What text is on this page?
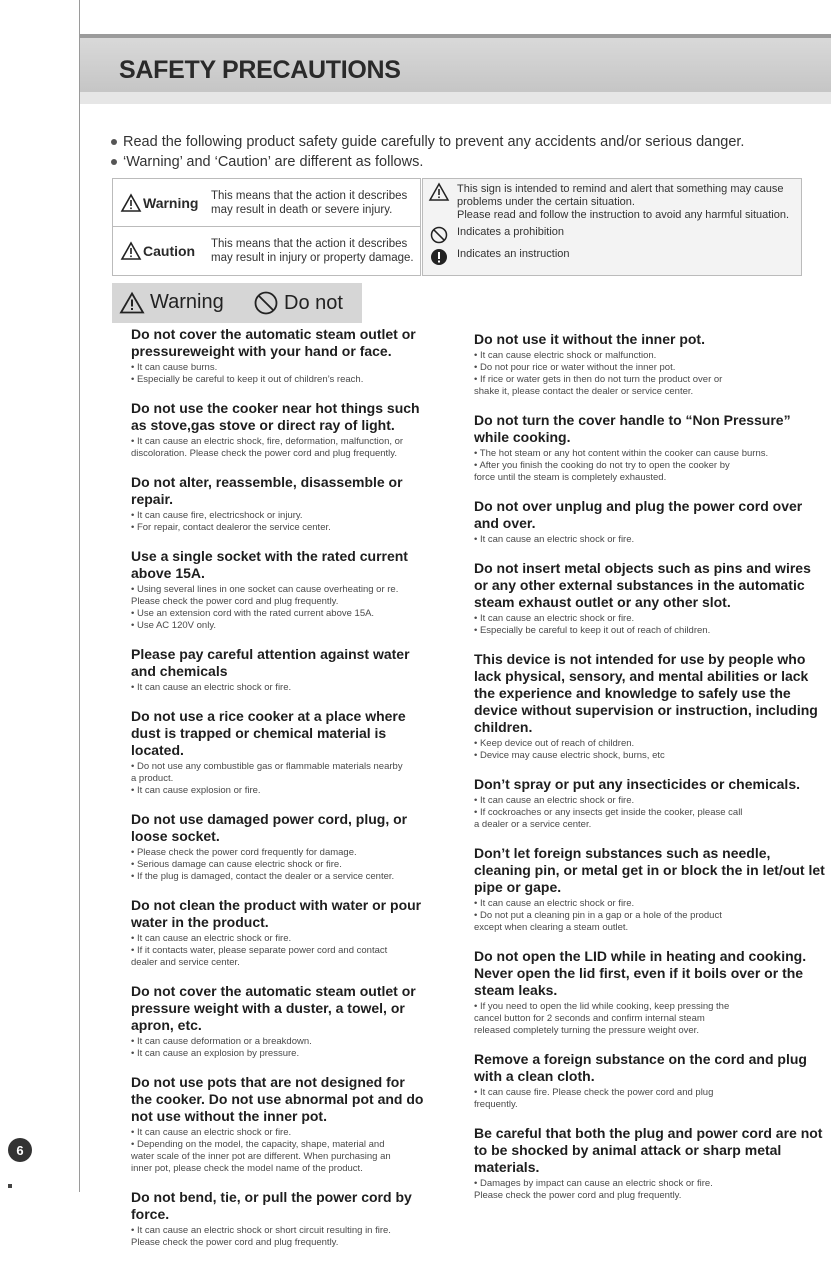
SAFETY PRECAUTIONS
Read the following product safety guide carefully to prevent any accidents and/or serious danger.
‘Warning’ and ‘Caution’ are different as follows.
Warning This means that the action it describes
may result in death or severe injury.
Caution This means that the action it describes
may result in injury or property damage.
This sign is intended to remind and alert that something may cause
problems under the certain situation.
Please read and follow the instruction to avoid any harmful situation.
Indicates a prohibition
Indicates an instruction
Warning	Do not
Do not cover the automatic steam outlet or pressureweight with your hand or face.
• It can cause burns.
• Especially be careful to keep it out of children’s reach.
Do not use the cooker near hot things such as stove,gas stove or direct ray of light.
• It can cause an electric shock, fire, deformation, malfunction, or
discoloration. Please check the power cord and plug frequently.
Do not alter, reassemble, disassemble or repair.
• It can cause fire, electricshock or injury.
• For repair, contact dealeror the service center.
Use a single socket with the rated current above 15A.
• Using several lines in one socket can cause overheating or re.
Please check the power cord and plug frequently.
• Use an extension cord with the rated current above 15A.
• Use AC 120V only.
Please pay careful attention against water and chemicals
• It can cause an electric shock or fire.
Do not use a rice cooker at a place where dust is trapped or chemical material is located.
• Do not use any combustible gas or flammable materials nearby
a product.
• It can cause explosion or fire.
Do not use damaged power cord, plug, or loose socket.
• Please check the power cord frequently for damage.
• Serious damage can cause electric shock or fire.
• If the plug is damaged, contact the dealer or a service center.
Do not clean the product with water or pour water in the product.
• It can cause an electric shock or fire.
• If it contacts water, please separate power cord and contact
dealer and service center.
Do not cover the automatic steam outlet or pressure weight with a duster, a towel, or apron, etc.
• It can cause deformation or a breakdown.
• It can cause an explosion by pressure.
Do not use pots that are not designed for the cooker. Do not use abnormal pot and do not use without the inner pot.
• It can cause an electric shock or fire.
• Depending on the model, the capacity, shape, material and
water scale of the inner pot are different. When purchasing an
inner pot, please check the model name of the product.
Do not bend, tie, or pull the power cord by force.
• It can cause an electric shock or short circuit resulting in fire.
Please check the power cord and plug frequently.
Do not use it without the inner pot.
• It can cause electric shock or malfunction.
• Do not pour rice or water without the inner pot.
• If rice or water gets in then do not turn the product over or
shake it, please contact the dealer or service center.
Do not turn the cover handle to “Non Pressure” while cooking.
• The hot steam or any hot content within the cooker can cause burns.
• After you finish the cooking do not try to open the cooker by
force until the steam is completely exhausted.
Do not over unplug and plug the power cord over and over.
• It can cause an electric shock or fire.
Do not insert metal objects such as pins and wires or any other external substances in the automatic steam exhaust outlet or any other slot.
• It can cause an electric shock or fire.
• Especially be careful to keep it out of reach of children.
This device is not intended for use by people who lack physical, sensory, and mental abilities or lack the experience and knowledge to safely use the device without supervision or instruction, including children.
• Keep device out of reach of children.
• Device may cause electric shock, burns, etc
Don’t spray or put any insecticides or chemicals.
• It can cause an electric shock or fire.
• If cockroaches or any insects get inside the cooker, please call
a dealer or a service center.
Don’t let foreign substances such as needle, cleaning pin, or metal get in or block the in let/out let pipe or gape.
• It can cause an electric shock or fire.
• Do not put a cleaning pin in a gap or a hole of the product
except when clearing a steam outlet.
Do not open the LID while in heating and cooking. Never open the lid first, even if it boils over or the steam leaks.
• If you need to open the lid while cooking, keep pressing the
cancel button for 2 seconds and confirm internal steam
released completely turning the pressure weight over.
Remove a foreign substance on the cord and plug with a clean cloth.
• It can cause fire. Please check the power cord and plug
frequently.
Be careful that both the plug and power cord are not to be shocked by animal attack or sharp metal materials.
• Damages by impact can cause an electric shock or fire.
Please check the power cord and plug frequently.
6
